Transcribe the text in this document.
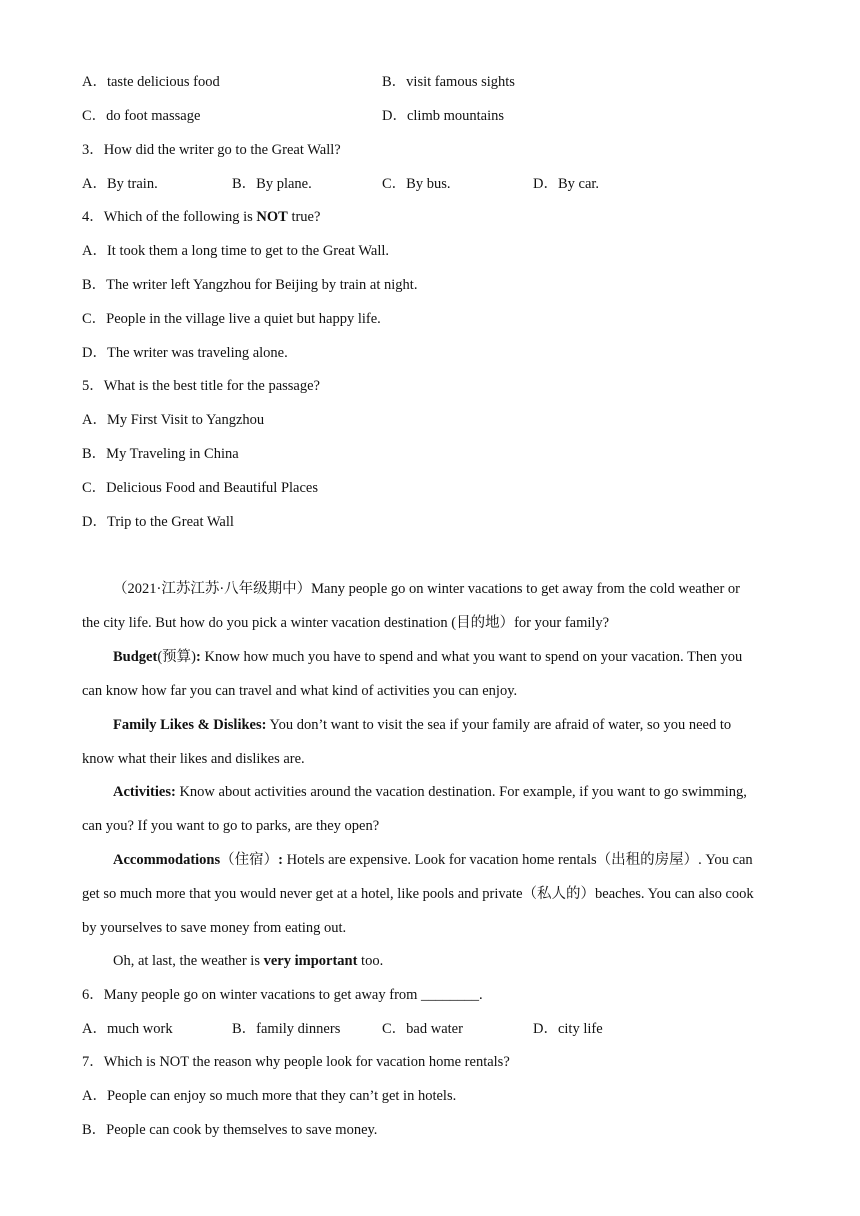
A．taste delicious food	B．visit famous sights
C．do foot massage	D．climb mountains
3．How did the writer go to the Great Wall?
A．By train.	B．By plane.	C．By bus.	D．By car.
4．Which of the following is NOT true?
A．It took them a long time to get to the Great Wall.
B．The writer left Yangzhou for Beijing by train at night.
C．People in the village live a quiet but happy life.
D．The writer was traveling alone.
5．What is the best title for the passage?
A．My First Visit to Yangzhou
B．My Traveling in China
C．Delicious Food and Beautiful Places
D．Trip to the Great Wall
（2021·江苏江苏·八年级期中）Many people go on winter vacations to get away from the cold weather or
the city life. But how do you pick a winter vacation destination (目的地）for your family?
Budget(预算): Know how much you have to spend and what you want to spend on your vacation. Then you
can know how far you can travel and what kind of activities you can enjoy.
Family Likes & Dislikes: You don’t want to visit the sea if your family are afraid of water, so you need to
know what their likes and dislikes are.
Activities: Know about activities around the vacation destination. For example, if you want to go swimming,
can you? If you want to go to parks, are they open?
Accommodations（住宿）: Hotels are expensive. Look for vacation home rentals（出租的房屋）. You can
get so much more that you would never get at a hotel, like pools and private（私人的）beaches. You can also cook
by yourselves to save money from eating out.
Oh, at last, the weather is very important too.
6．Many people go on winter vacations to get away from ________.
A．much work	B．family dinners	C．bad water	D．city life
7．Which is NOT the reason why people look for vacation home rentals?
A．People can enjoy so much more that they can’t get in hotels.
B．People can cook by themselves to save money.
